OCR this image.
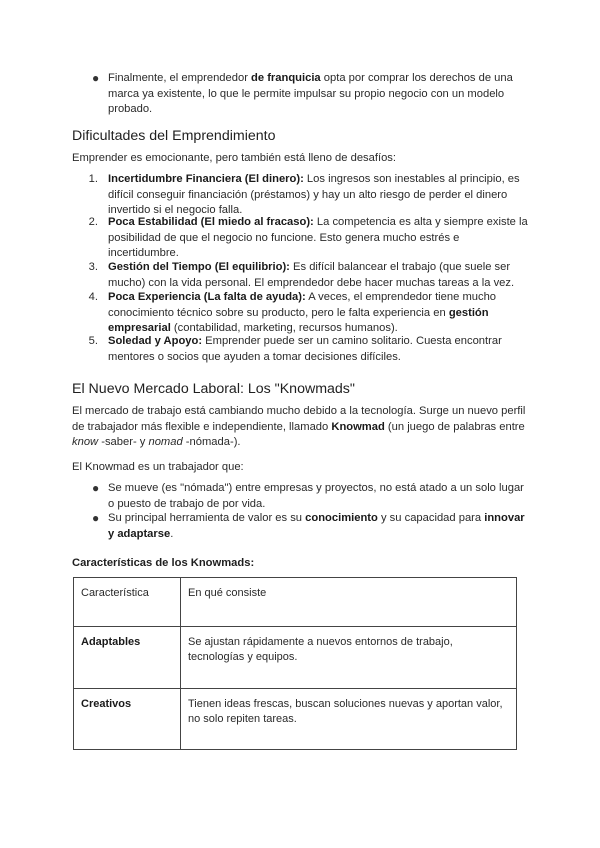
● Finalmente, el emprendedor de franquicia opta por comprar los derechos de una
marca ya existente, lo que le permite impulsar su propio negocio con un modelo
probado.
Dificultades del Emprendimiento
Emprender es emocionante, pero también está lleno de desafíos:
1. Incertidumbre Financiera (El dinero): Los ingresos son inestables al principio, es
difícil conseguir financiación (préstamos) y hay un alto riesgo de perder el dinero
invertido si el negocio falla.
2. Poca Estabilidad (El miedo al fracaso): La competencia es alta y siempre existe la
posibilidad de que el negocio no funcione. Esto genera mucho estrés e
incertidumbre.
3. Gestión del Tiempo (El equilibrio): Es difícil balancear el trabajo (que suele ser
mucho) con la vida personal. El emprendedor debe hacer muchas tareas a la vez.
4. Poca Experiencia (La falta de ayuda): A veces, el emprendedor tiene mucho
conocimiento técnico sobre su producto, pero le falta experiencia en gestión
empresarial (contabilidad, marketing, recursos humanos).
5. Soledad y Apoyo: Emprender puede ser un camino solitario. Cuesta encontrar
mentores o socios que ayuden a tomar decisiones difíciles.
El Nuevo Mercado Laboral: Los "Knowmads"
El mercado de trabajo está cambiando mucho debido a la tecnología. Surge un nuevo perfil
de trabajador más flexible e independiente, llamado Knowmad (un juego de palabras entre
know -saber- y nomad -nómada-).
El Knowmad es un trabajador que:
● Se mueve (es "nómada") entre empresas y proyectos, no está atado a un solo lugar
o puesto de trabajo de por vida.
● Su principal herramienta de valor es su conocimiento y su capacidad para innovar
y adaptarse.
Características de los Knowmads:
Característica	En qué consiste
Adaptables	Se ajustan rápidamente a nuevos entornos de trabajo,
tecnologías y equipos.

Creativos	Tienen ideas frescas, buscan soluciones nuevas y aportan valor,
no solo repiten tareas.
